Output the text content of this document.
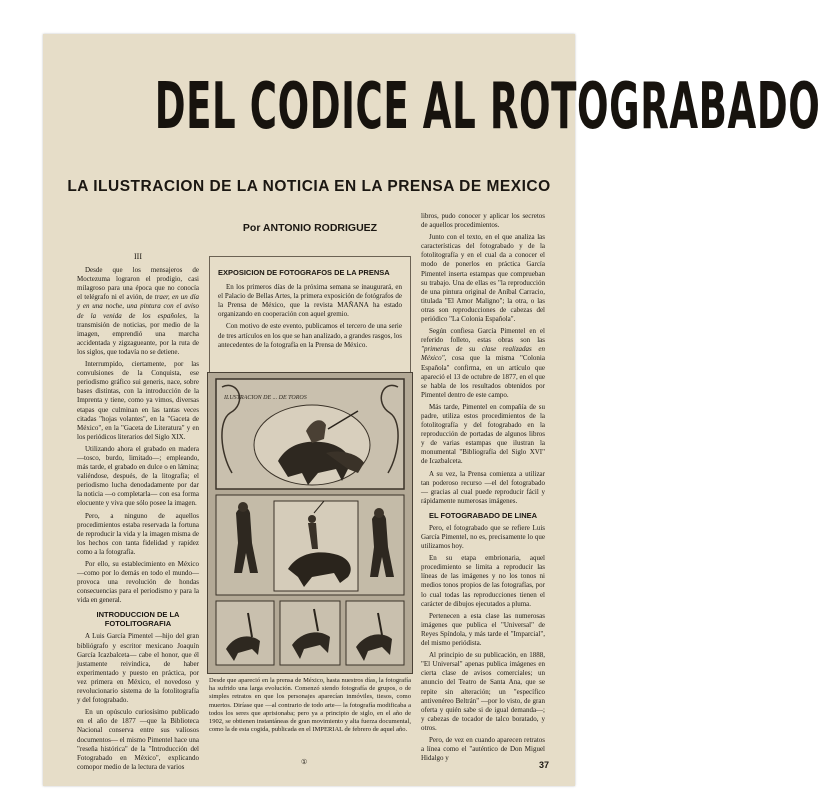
DEL CODICE AL ROTOGRABADO
LA ILUSTRACION DE LA NOTICIA EN LA PRENSA DE MEXICO
III

Desde que los mensajeros de Moctezuma lograron el prodigio, casi milagroso para una época que no conocía el telégrafo ni el avión, de traer, en un día y en una noche, una pintura con el aviso de la venida de los españoles, la transmisión de noticias, por medio de la imagen, emprendió una marcha accidentada y zigzagueante, por la ruta de los siglos, que todavía no se detiene.

Interrumpido, ciertamente, por las convulsiones de la Conquista, ese periodismo gráfico sui generis, nace, sobre bases distintas, con la introducción de la Imprenta y tiene, como ya vimos, diversas etapas que culminan en las tantas veces citadas "hojas volantes", en la "Gaceta de México", en la "Gaceta de Literatura" y en los periódicos literarios del Siglo XIX.

Utilizando ahora el grabado en madera —tosco, burdo, limitado—; empleando, más tarde, el grabado en dulce o en lámina; valiéndose, después, de la litografía; el periodismo lucha denodadamente por dar la noticia —o completarla— con esa forma elocuente y viva que sólo posee la imagen.

Pero, a ninguno de aquellos procedimientos estaba reservada la fortuna de reproducir la vida y la imagen misma de los hechos con tanta fidelidad y rapidez como a la fotografía.

Por ello, su establecimiento en México —como por lo demás en todo el mundo— provoca una revolución de hondas consecuencias para el periodismo y para la vida en general.

INTRODUCCION DE LA FOTOLITOGRAFIA

A Luis García Pimentel —hijo del gran bibliógrafo y escritor mexicano Joaquín García Icazbalceta— cabe el honor, que él justamente reivindica, de haber experimentado y puesto en práctica, por vez primera en México, el novedoso y revolucionario sistema de la fotolitografía y del fotograbado.

En un opúsculo curiosísimo publicado en el año de 1877 —que la Biblioteca Nacional conserva entre sus valiosos documentos— el mismo Pimentel hace una "reseña histórica" de la "Introducción del Fotograbado en México", explicando comopor medio de la lectura de varios

Por ANTONIO RODRIGUEZ
EXPOSICION DE FOTOGRAFOS DE LA PRENSA

En los primeros días de la próxima semana se inaugurará, en el Palacio de Bellas Artes, la primera exposición de fotógrafos de la Prensa de México, que la revista MAÑANA ha estado organizando en cooperación con aquel gremio.

Con motivo de este evento, publicamos el tercero de una serie de tres artículos en los que se han analizado, a grandes rasgos, los antecedentes de la fotografía en la Prensa de México.

ILUSTRACION DE ... DE TOROS
Desde que apareció en la prensa de México, hasta nuestros días, la fotografía ha sufrido una larga evolución. Comenzó siendo fotografía de grupos, o de simples retratos en que los personajes aparecían inmóviles, tiesos, como muertos. Diríase que —al contrario de todo arte— la fotografía modificaba a todos los seres que aprisionaba; pero ya a principio de siglo, en el año de 1902, se obtienen instantáneas de gran movimiento y alta fuerza documental, como la de esta cogida, publicada en el IMPERIAL de febrero de aquel año.

libros, pudo conocer y aplicar los secretos de aquellos procedimientos.

Junto con el texto, en el que analiza las características del fotograbado y de la fotolitografía y en el cual da a conocer el modo de ponerlos en práctica García Pimentel inserta estampas que comprueban su trabajo. Una de ellas es "la reproducción de una pintura original de Aníbal Carracio, titulada "El Amor Maligno"; la otra, o las otras son reproducciones de cabezas del periódico "La Colonia Española".

Según confiesa García Pimentel en el referido folleto, estas obras son las "primeras de su clase realizadas en México", cosa que la misma "Colonia Española" confirma, en un artículo que apareció el 13 de octubre de 1877, en el que se habla de los resultados obtenidos por Pimentel dentro de este campo.

Más tarde, Pimentel en compañía de su padre, utiliza estos procedimientos de la fotolitografía y del fotograbado en la reproducción de portadas de algunos libros y de varias estampas que ilustran la monumental "Bibliografía del Siglo XVI" de Icazbalceta.

A su vez, la Prensa comienza a utilizar tan poderoso recurso —el del fotograbado— gracias al cual puede reproducir fácil y rápidamente numerosas imágenes.

EL FOTOGRABADO DE LINEA

Pero, el fotograbado que se refiere Luis García Pimentel, no es, precisamente lo que utilizamos hoy.

En su etapa embrionaria, aquel procedimiento se limita a reproducir las líneas de las imágenes y no los tonos ni medios tonos propios de las fotografías, por lo cual todas las reproducciones tienen el carácter de dibujos ejecutados a pluma.

Pertenecen a esta clase las numerosas imágenes que publica el "Universal" de Reyes Spíndola, y más tarde el "Imparcial", del mismo periódista.

Al principio de su publicación, en 1888, "El Universal" apenas publica imágenes en cierta clase de avisos comerciales; un anuncio del Teatro de Santa Ana, que se repite sin alteración; un "específico antivenéreo Beltrán" —por lo visto, de gran oferta y quién sabe si de igual demanda—; y cabezas de tocador de talco boratado, y otros.

Pero, de vez en cuando aparecen retratos a línea como el "auténtico de Don Miguel Hidalgo y

①	37
